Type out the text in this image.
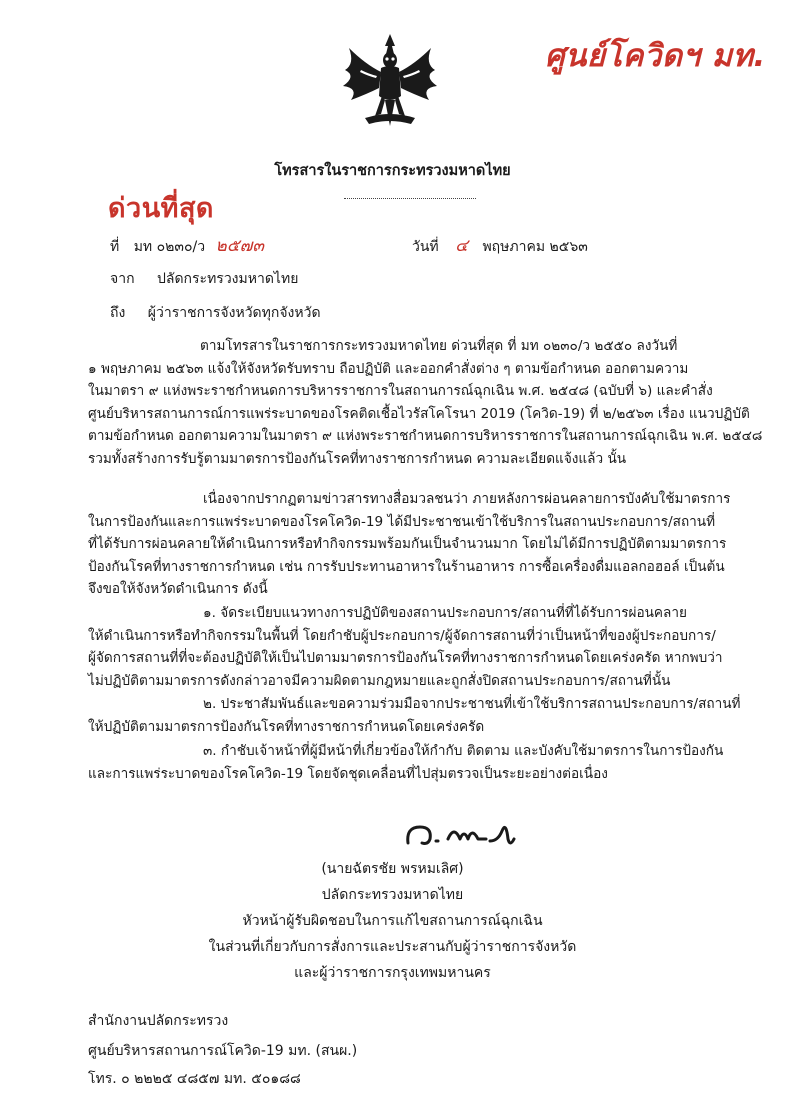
ศูนย์โควิดฯ มท.
โทรสารในราชการกระทรวงมหาดไทย
ด่วนที่สุด
ที่ มท ๐๒๓๐/ว ๒๕๗๓	วันที่ ๔ พฤษภาคม ๒๕๖๓
จาก ปลัดกระทรวงมหาดไทย
ถึง ผู้ว่าราชการจังหวัดทุกจังหวัด
ตามโทรสารในราชการกระทรวงมหาดไทย ด่วนที่สุด ที่ มท ๐๒๓๐/ว ๒๕๕๐ ลงวันที่
๑ พฤษภาคม ๒๕๖๓ แจ้งให้จังหวัดรับทราบ ถือปฏิบัติ และออกคำสั่งต่าง ๆ ตามข้อกำหนด ออกตามความ
ในมาตรา ๙ แห่งพระราชกำหนดการบริหารราชการในสถานการณ์ฉุกเฉิน พ.ศ. ๒๕๔๘ (ฉบับที่ ๖) และคำสั่ง
ศูนย์บริหารสถานการณ์การแพร่ระบาดของโรคติดเชื้อไวรัสโคโรนา 2019 (โควิด-19) ที่ ๒/๒๕๖๓ เรื่อง แนวปฏิบัติ
ตามข้อกำหนด ออกตามความในมาตรา ๙ แห่งพระราชกำหนดการบริหารราชการในสถานการณ์ฉุกเฉิน พ.ศ. ๒๕๔๘
รวมทั้งสร้างการรับรู้ตามมาตรการป้องกันโรคที่ทางราชการกำหนด ความละเอียดแจ้งแล้ว นั้น
เนื่องจากปรากฏตามข่าวสารทางสื่อมวลชนว่า ภายหลังการผ่อนคลายการบังคับใช้มาตรการ
ในการป้องกันและการแพร่ระบาดของโรคโควิด-19 ได้มีประชาชนเข้าใช้บริการในสถานประกอบการ/สถานที่
ที่ได้รับการผ่อนคลายให้ดำเนินการหรือทำกิจกรรมพร้อมกันเป็นจำนวนมาก โดยไม่ได้มีการปฏิบัติตามมาตรการ
ป้องกันโรคที่ทางราชการกำหนด เช่น การรับประทานอาหารในร้านอาหาร การซื้อเครื่องดื่มแอลกอฮอล์ เป็นต้น
จึงขอให้จังหวัดดำเนินการ ดังนี้
๑. จัดระเบียบแนวทางการปฏิบัติของสถานประกอบการ/สถานที่ที่ได้รับการผ่อนคลาย
ให้ดำเนินการหรือทำกิจกรรมในพื้นที่ โดยกำชับผู้ประกอบการ/ผู้จัดการสถานที่ว่าเป็นหน้าที่ของผู้ประกอบการ/
ผู้จัดการสถานที่ที่จะต้องปฏิบัติให้เป็นไปตามมาตรการป้องกันโรคที่ทางราชการกำหนดโดยเคร่งครัด หากพบว่า
ไม่ปฏิบัติตามมาตรการดังกล่าวอาจมีความผิดตามกฎหมายและถูกสั่งปิดสถานประกอบการ/สถานที่นั้น
๒. ประชาสัมพันธ์และขอความร่วมมือจากประชาชนที่เข้าใช้บริการสถานประกอบการ/สถานที่
ให้ปฏิบัติตามมาตรการป้องกันโรคที่ทางราชการกำหนดโดยเคร่งครัด
๓. กำชับเจ้าหน้าที่ผู้มีหน้าที่เกี่ยวข้องให้กำกับ ติดตาม และบังคับใช้มาตรการในการป้องกัน
และการแพร่ระบาดของโรคโควิด-19 โดยจัดชุดเคลื่อนที่ไปสุ่มตรวจเป็นระยะอย่างต่อเนื่อง
(นายฉัตรชัย พรหมเลิศ)
ปลัดกระทรวงมหาดไทย
หัวหน้าผู้รับผิดชอบในการแก้ไขสถานการณ์ฉุกเฉิน
ในส่วนที่เกี่ยวกับการสั่งการและประสานกับผู้ว่าราชการจังหวัด
และผู้ว่าราชการกรุงเทพมหานคร
สำนักงานปลัดกระทรวง
ศูนย์บริหารสถานการณ์โควิด-19 มท. (สนผ.)
โทร. ๐ ๒๒๒๕ ๔๘๕๗ มท. ๕๐๑๘๘
